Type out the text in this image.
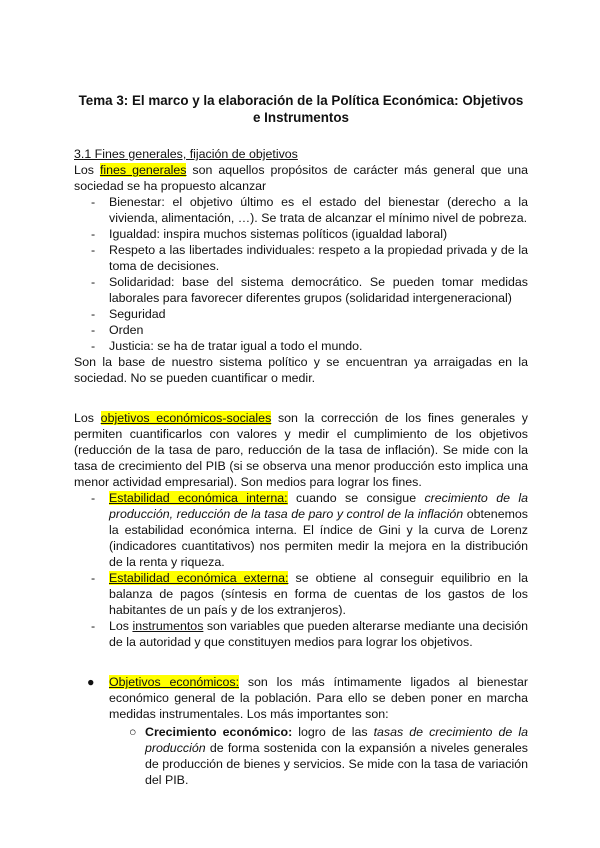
Tema 3: El marco y la elaboración de la Política Económica: Objetivos e Instrumentos

3.1 Fines generales, fijación de objetivos

Los fines generales son aquellos propósitos de carácter más general que una sociedad se ha propuesto alcanzar

- Bienestar: el objetivo último es el estado del bienestar (derecho a la vivienda, alimentación, …). Se trata de alcanzar el mínimo nivel de pobreza.
- Igualdad: inspira muchos sistemas políticos (igualdad laboral)
- Respeto a las libertades individuales: respeto a la propiedad privada y de la toma de decisiones.
- Solidaridad: base del sistema democrático. Se pueden tomar medidas laborales para favorecer diferentes grupos (solidaridad intergeneracional)
- Seguridad
- Orden
- Justicia: se ha de tratar igual a todo el mundo.

Son la base de nuestro sistema político y se encuentran ya arraigadas en la sociedad. No se pueden cuantificar o medir.

Los objetivos económicos-sociales son la corrección de los fines generales y permiten cuantificarlos con valores y medir el cumplimiento de los objetivos (reducción de la tasa de paro, reducción de la tasa de inflación). Se mide con la tasa de crecimiento del PIB (si se observa una menor producción esto implica una menor actividad empresarial). Son medios para lograr los fines.

- Estabilidad económica interna: cuando se consigue crecimiento de la producción, reducción de la tasa de paro y control de la inflación obtenemos la estabilidad económica interna. El índice de Gini y la curva de Lorenz (indicadores cuantitativos) nos permiten medir la mejora en la distribución de la renta y riqueza.
- Estabilidad económica externa: se obtiene al conseguir equilibrio en la balanza de pagos (síntesis en forma de cuentas de los gastos de los habitantes de un país y de los extranjeros).
- Los instrumentos son variables que pueden alterarse mediante una decisión de la autoridad y que constituyen medios para lograr los objetivos.
● Objetivos económicos: son los más íntimamente ligados al bienestar económico general de la población. Para ello se deben poner en marcha medidas instrumentales. Los más importantes son:
○ Crecimiento económico: logro de las tasas de crecimiento de la producción de forma sostenida con la expansión a niveles generales de producción de bienes y servicios. Se mide con la tasa de variación del PIB.
